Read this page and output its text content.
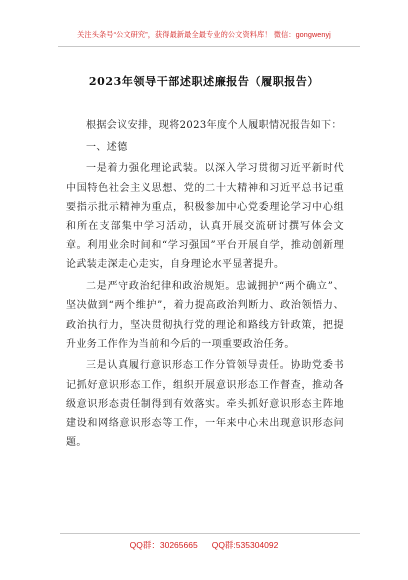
关注头条号“公文研究”，获得最新最全最专业的公文资料库！ 微信：gongwenyj
2023年领导干部述职述廉报告（履职报告）

根据会议安排，现将2023年度个人履职情况报告如下：

一、述德

一是着力强化理论武装。以深入学习贯彻习近平新时代中国特色社会主义思想、党的二十大精神和习近平总书记重要指示批示精神为重点，积极参加中心党委理论学习中心组和所在支部集中学习活动，认真开展交流研讨撰写体会文章。利用业余时间和“学习强国”平台开展自学，推动创新理论武装走深走心走实，自身理论水平显著提升。

二是严守政治纪律和政治规矩。忠诚拥护“两个确立”、坚决做到“两个维护”，着力提高政治判断力、政治领悟力、政治执行力，坚决贯彻执行党的理论和路线方针政策，把提升业务工作作为当前和今后的一项重要政治任务。

三是认真履行意识形态工作分管领导责任。协助党委书记抓好意识形态工作，组织开展意识形态工作督查，推动各级意识形态责任制得到有效落实。牵头抓好意识形态主阵地建设和网络意识形态等工作，一年来中心未出现意识形态问题。

QQ群：30265665 QQ群:535304092
